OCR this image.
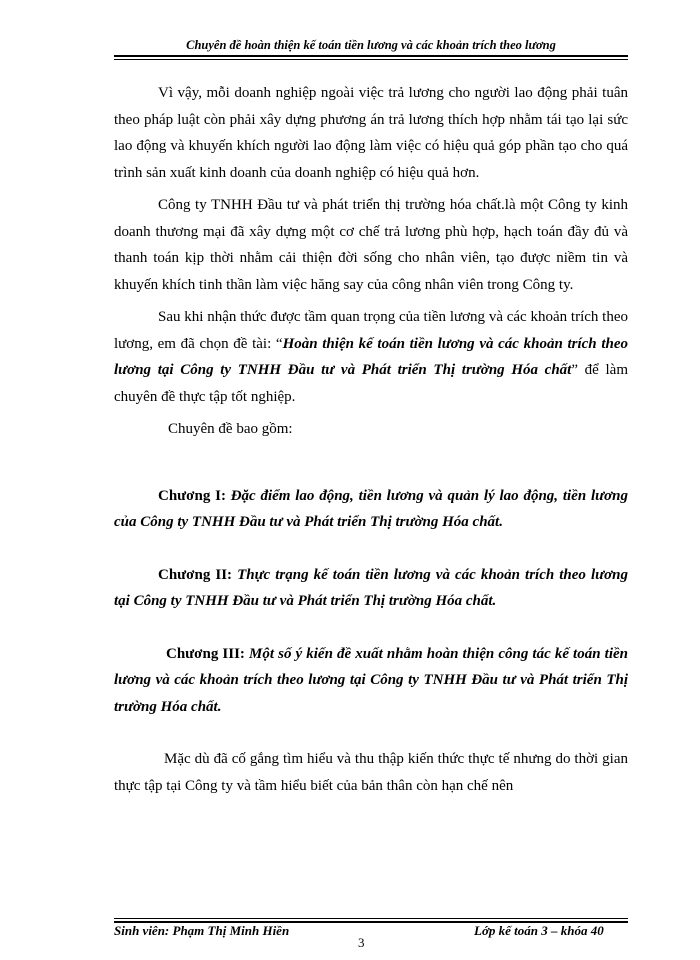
Chuyên đề hoàn thiện kế toán tiền lương và các khoản trích theo lương

Vì vậy, mỗi doanh nghiệp ngoài việc trả lương cho người lao động phải tuân theo pháp luật còn phải xây dựng phương án trả lương thích hợp nhằm tái tạo lại sức lao động và khuyến khích người lao động làm việc có hiệu quả góp phần tạo cho quá trình sản xuất kinh doanh của doanh nghiệp có hiệu quả hơn.

Công ty TNHH Đầu tư và phát triển thị trường hóa chất.là một Công ty kinh doanh thương mại đã xây dựng một cơ chế trả lương phù hợp, hạch toán đầy đủ và thanh toán kịp thời nhằm cải thiện đời sống cho nhân viên, tạo được niềm tin và khuyến khích tinh thần làm việc hăng say của công nhân viên trong Công ty.

Sau khi nhận thức được tầm quan trọng của tiền lương và các khoản trích theo lương, em đã chọn đề tài: “Hoàn thiện kế toán tiền lương và các khoản trích theo lương tại Công ty TNHH Đầu tư và Phát triển Thị trường Hóa chất” để làm chuyên đề thực tập tốt nghiệp.

Chuyên đề bao gồm:

Chương I: Đặc điểm lao động, tiền lương và quản lý lao động, tiền lương của Công ty TNHH Đầu tư và Phát triển Thị trường Hóa chất.

Chương II: Thực trạng kế toán tiền lương và các khoản trích theo lương tại Công ty TNHH Đầu tư và Phát triển Thị trường Hóa chất.

Chương III: Một số ý kiến đề xuất nhằm hoàn thiện công tác kế toán tiền lương và các khoản trích theo lương tại Công ty TNHH Đầu tư và Phát triển Thị trường Hóa chất.

Mặc dù đã cố gắng tìm hiểu và thu thập kiến thức thực tế nhưng do thời gian thực tập tại Công ty và tầm hiểu biết của bản thân còn hạn chế nên

Sinh viên: Phạm Thị Minh Hiền	Lớp kế toán 3 – khóa 40
3
